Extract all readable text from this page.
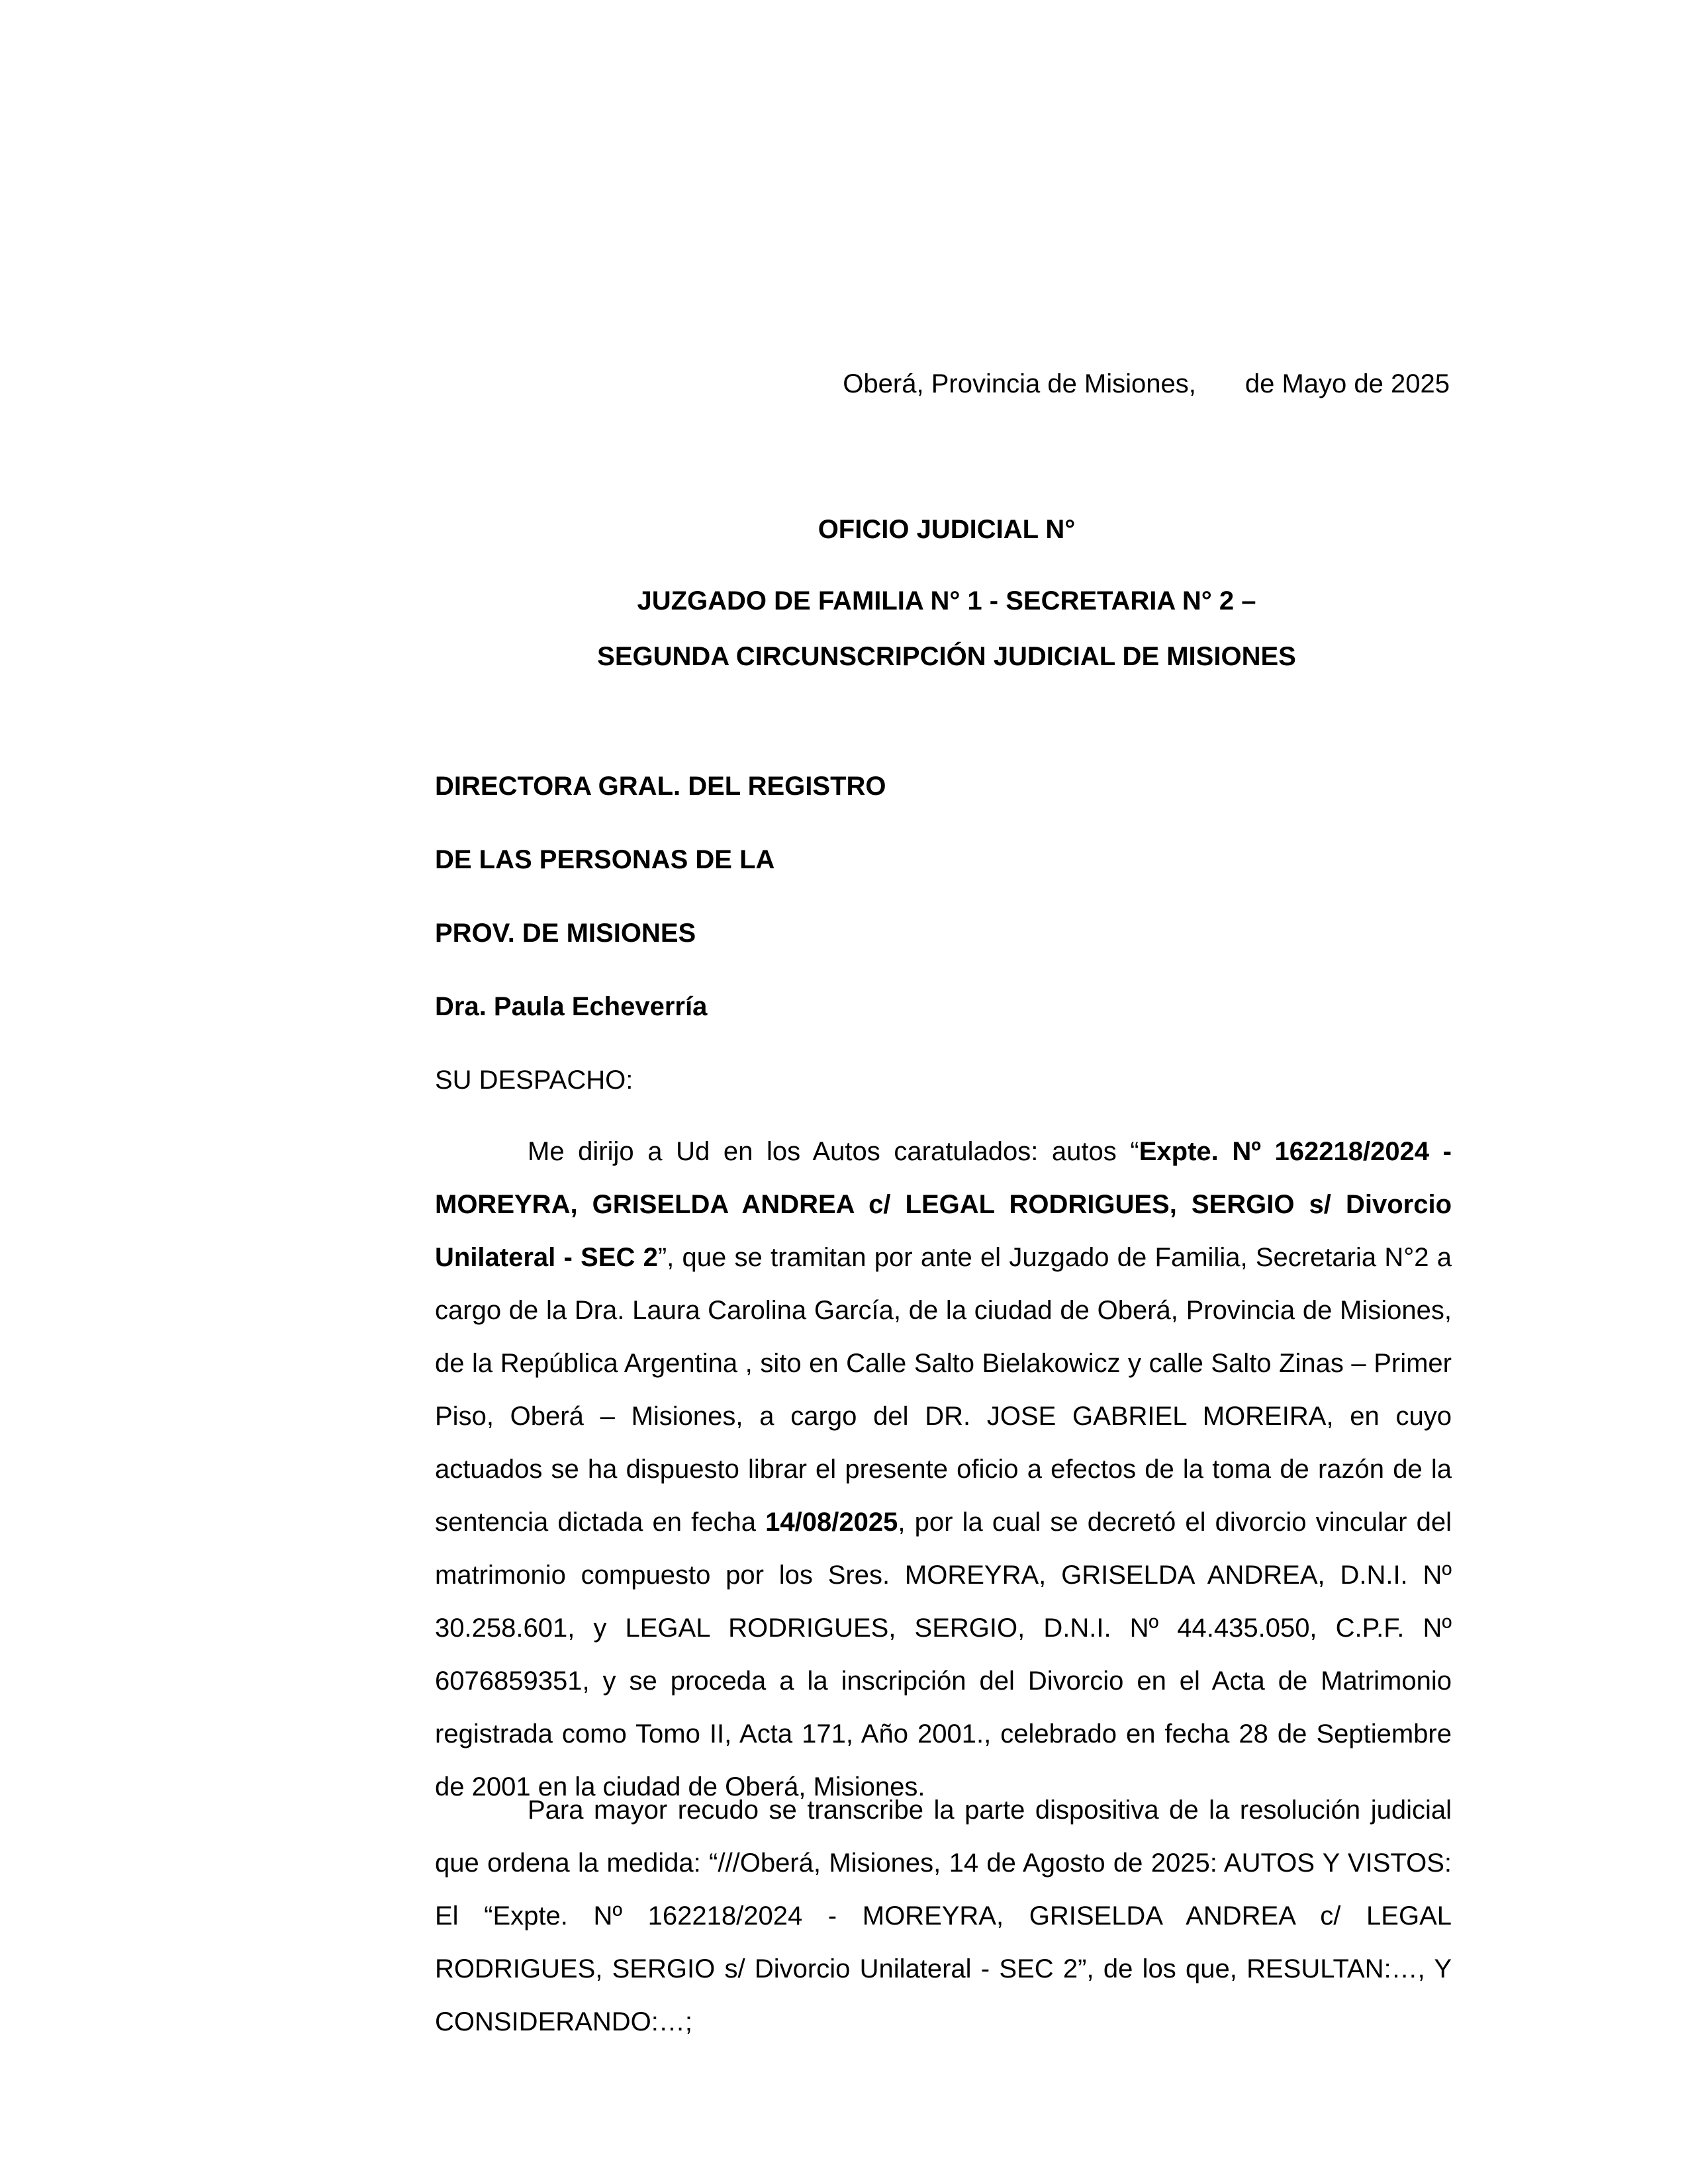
Oberá, Provincia de Misiones, de Mayo de 2025
OFICIO JUDICIAL N°
JUZGADO DE FAMILIA N° 1 - SECRETARIA N° 2 –
SEGUNDA CIRCUNSCRIPCIÓN JUDICIAL DE MISIONES
DIRECTORA GRAL. DEL REGISTRO
DE LAS PERSONAS DE LA
PROV. DE MISIONES
Dra. Paula Echeverría
SU DESPACHO:

Me dirijo a Ud en los Autos caratulados: autos “Expte. Nº 162218/2024 - MOREYRA, GRISELDA ANDREA c/ LEGAL RODRIGUES, SERGIO s/ Divorcio Unilateral - SEC 2”, que se tramitan por ante el Juzgado de Familia, Secretaria N°2 a cargo de la Dra. Laura Carolina García, de la ciudad de Oberá, Provincia de Misiones, de la República Argentina , sito en Calle Salto Bielakowicz y calle Salto Zinas – Primer Piso, Oberá – Misiones, a cargo del DR. JOSE GABRIEL MOREIRA, en cuyo actuados se ha dispuesto librar el presente oficio a efectos de la toma de razón de la sentencia dictada en fecha 14/08/2025, por la cual se decretó el divorcio vincular del matrimonio compuesto por los Sres. MOREYRA, GRISELDA ANDREA, D.N.I. Nº 30.258.601, y LEGAL RODRIGUES, SERGIO, D.N.I. Nº 44.435.050, C.P.F. Nº 6076859351, y se proceda a la inscripción del Divorcio en el Acta de Matrimonio registrada como Tomo II, Acta 171, Año 2001., celebrado en fecha 28 de Septiembre de 2001 en la ciudad de Oberá, Misiones.

Para mayor recudo se transcribe la parte dispositiva de la resolución judicial que ordena la medida: “///Oberá, Misiones, 14 de Agosto de 2025: AUTOS Y VISTOS: El “Expte. Nº 162218/2024 - MOREYRA, GRISELDA ANDREA c/ LEGAL RODRIGUES, SERGIO s/ Divorcio Unilateral - SEC 2”, de los que, RESULTAN:…, Y CONSIDERANDO:…;
